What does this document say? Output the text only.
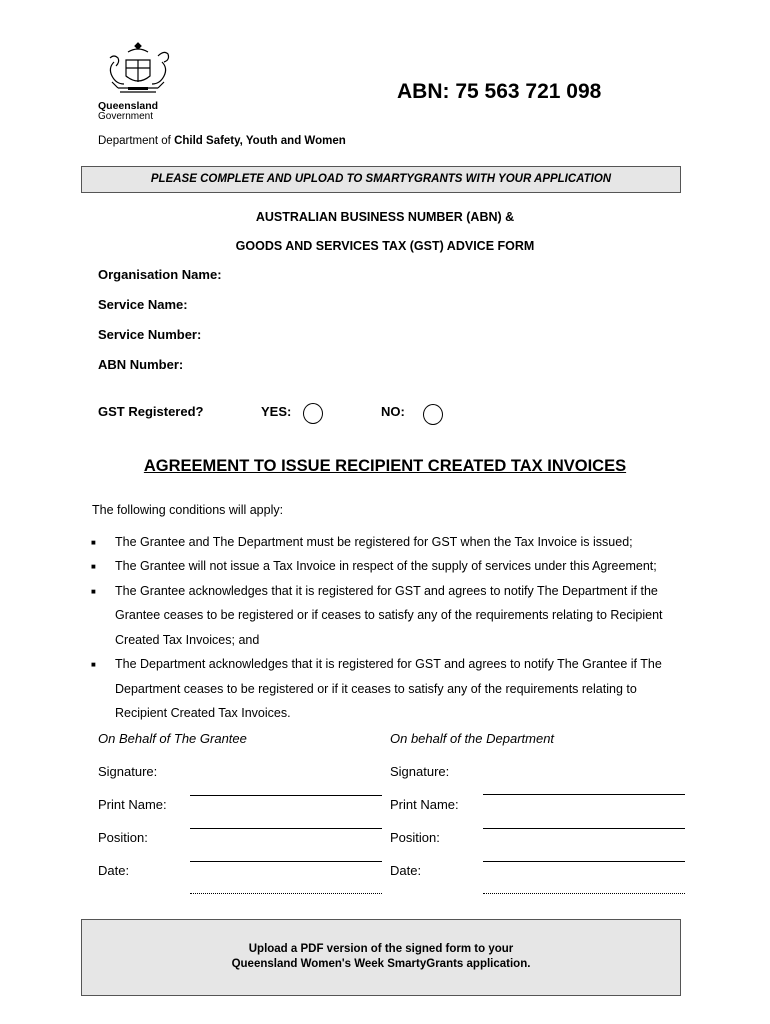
Queensland
Government
ABN: 75 563 721 098
Department of Child Safety, Youth and Women
PLEASE COMPLETE AND UPLOAD TO SMARTYGRANTS WITH YOUR APPLICATION
AUSTRALIAN BUSINESS NUMBER (ABN) &
GOODS AND SERVICES TAX (GST) ADVICE FORM
Organisation Name:
Service Name:
Service Number:
ABN Number:
GST Registered?	YES:	NO:
AGREEMENT TO ISSUE RECIPIENT CREATED TAX INVOICES
The following conditions will apply:
■ The Grantee and The Department must be registered for GST when the Tax Invoice is issued;
■ The Grantee will not issue a Tax Invoice in respect of the supply of services under this Agreement;
■ The Grantee acknowledges that it is registered for GST and agrees to notify The Department if the
Grantee ceases to be registered or if ceases to satisfy any of the requirements relating to Recipient
Created Tax Invoices; and
■ The Department acknowledges that it is registered for GST and agrees to notify The Grantee if The
Department ceases to be registered or if it ceases to satisfy any of the requirements relating to
Recipient Created Tax Invoices.
On Behalf of The Grantee	On behalf of the Department
Signature:	Signature:
Print Name:	Print Name:
Position:	Position:
Date:	Date:
Upload a PDF version of the signed form to your
Queensland Women's Week SmartyGrants application.
